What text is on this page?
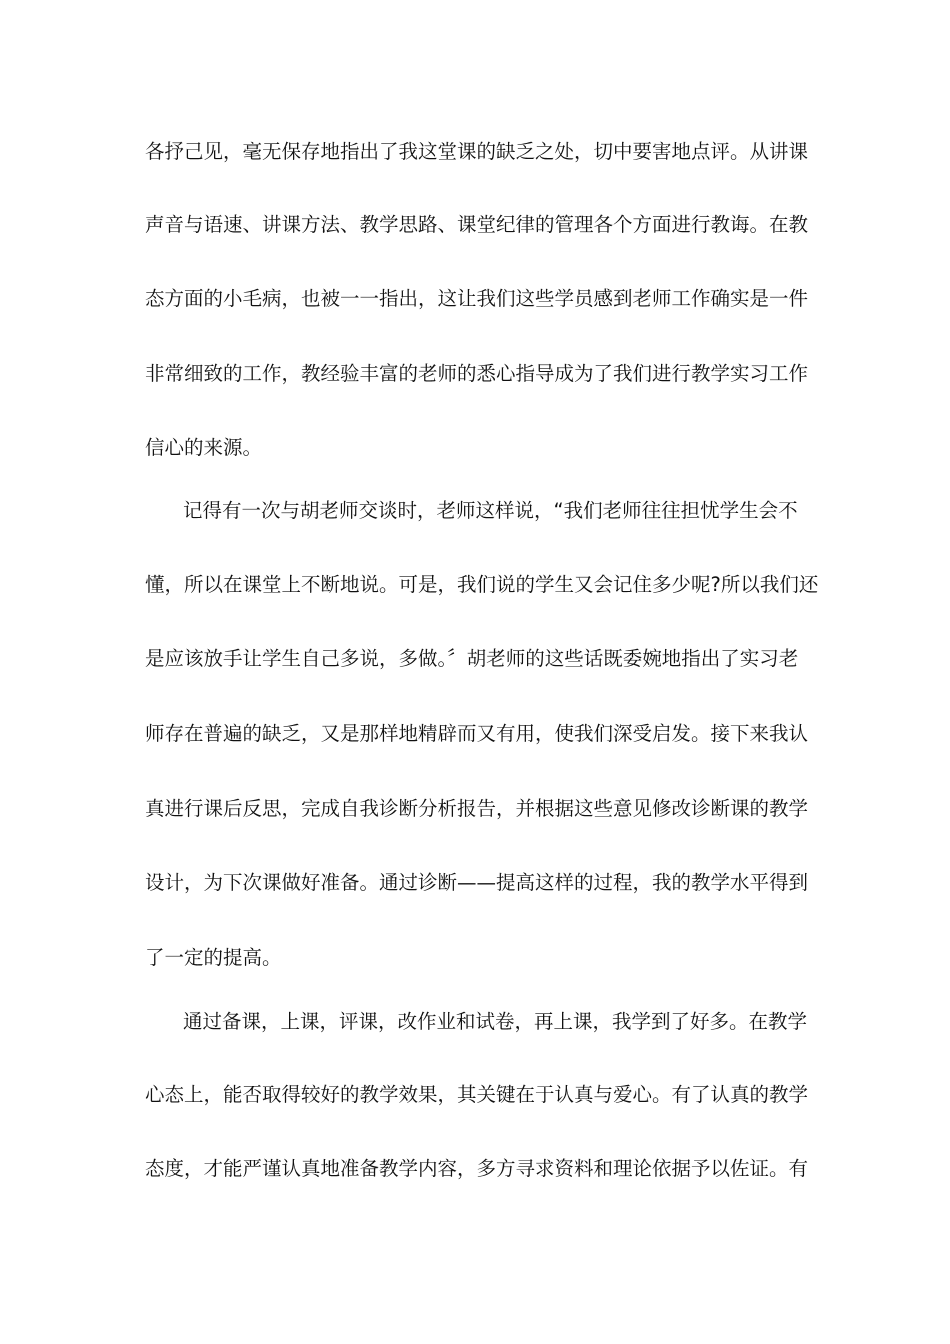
各抒己见，毫无保存地指出了我这堂课的缺乏之处，切中要害地点评。从讲课
声音与语速、讲课方法、教学思路、课堂纪律的管理各个方面进行教诲。在教
态方面的小毛病，也被一一指出，这让我们这些学员感到老师工作确实是一件
非常细致的工作，教经验丰富的老师的悉心指导成为了我们进行教学实习工作
信心的来源。
记得有一次与胡老师交谈时，老师这样说，“我们老师往往担忧学生会不
懂，所以在课堂上不断地说。可是，我们说的学生又会记住多少呢?所以我们还
是应该放手让学生自己多说，多做。〞胡老师的这些话既委婉地指出了实习老
师存在普遍的缺乏，又是那样地精辟而又有用，使我们深受启发。接下来我认
真进行课后反思，完成自我诊断分析报告，并根据这些意见修改诊断课的教学
设计，为下次课做好准备。通过诊断——提高这样的过程，我的教学水平得到
了一定的提高。
通过备课，上课，评课，改作业和试卷，再上课，我学到了好多。在教学
心态上，能否取得较好的教学效果，其关键在于认真与爱心。有了认真的教学
态度，才能严谨认真地准备教学内容，多方寻求资料和理论依据予以佐证。有
